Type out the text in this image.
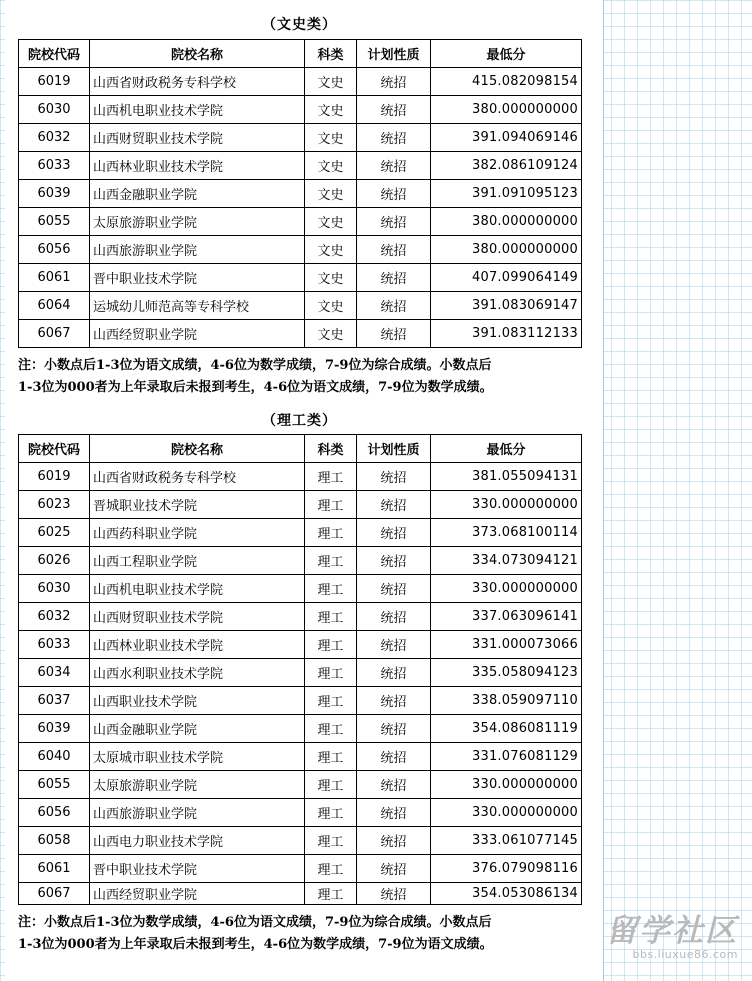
（文史类）
院校代码	院校名称	科类	计划性质	最低分
6019	山西省财政税务专科学校	文史	统招	415.082098154
6030	山西机电职业技术学院	文史	统招	380.000000000
6032	山西财贸职业技术学院	文史	统招	391.094069146
6033	山西林业职业技术学院	文史	统招	382.086109124
6039	山西金融职业学院	文史	统招	391.091095123
6055	太原旅游职业学院	文史	统招	380.000000000
6056	山西旅游职业学院	文史	统招	380.000000000
6061	晋中职业技术学院	文史	统招	407.099064149
6064	运城幼儿师范高等专科学校	文史	统招	391.083069147
6067	山西经贸职业学院	文史	统招	391.083112133
注：小数点后1-3位为语文成绩，4-6位为数学成绩，7-9位为综合成绩。小数点后
1-3位为000者为上年录取后未报到考生，4-6位为语文成绩，7-9位为数学成绩。
（理工类）
院校代码	院校名称	科类	计划性质	最低分
6019	山西省财政税务专科学校	理工	统招	381.055094131
6023	晋城职业技术学院	理工	统招	330.000000000
6025	山西药科职业学院	理工	统招	373.068100114
6026	山西工程职业学院	理工	统招	334.073094121
6030	山西机电职业技术学院	理工	统招	330.000000000
6032	山西财贸职业技术学院	理工	统招	337.063096141
6033	山西林业职业技术学院	理工	统招	331.000073066
6034	山西水利职业技术学院	理工	统招	335.058094123
6037	山西职业技术学院	理工	统招	338.059097110
6039	山西金融职业学院	理工	统招	354.086081119
6040	太原城市职业技术学院	理工	统招	331.076081129
6055	太原旅游职业学院	理工	统招	330.000000000
6056	山西旅游职业学院	理工	统招	330.000000000
6058	山西电力职业技术学院	理工	统招	333.061077145
6061	晋中职业技术学院	理工	统招	376.079098116
6067	山西经贸职业学院	理工	统招	354.053086134
注：小数点后1-3位为数学成绩，4-6位为语文成绩，7-9位为综合成绩。小数点后
1-3位为000者为上年录取后未报到考生，4-6位为数学成绩，7-9位为语文成绩。	留学社区
bbs.liuxue86.com
